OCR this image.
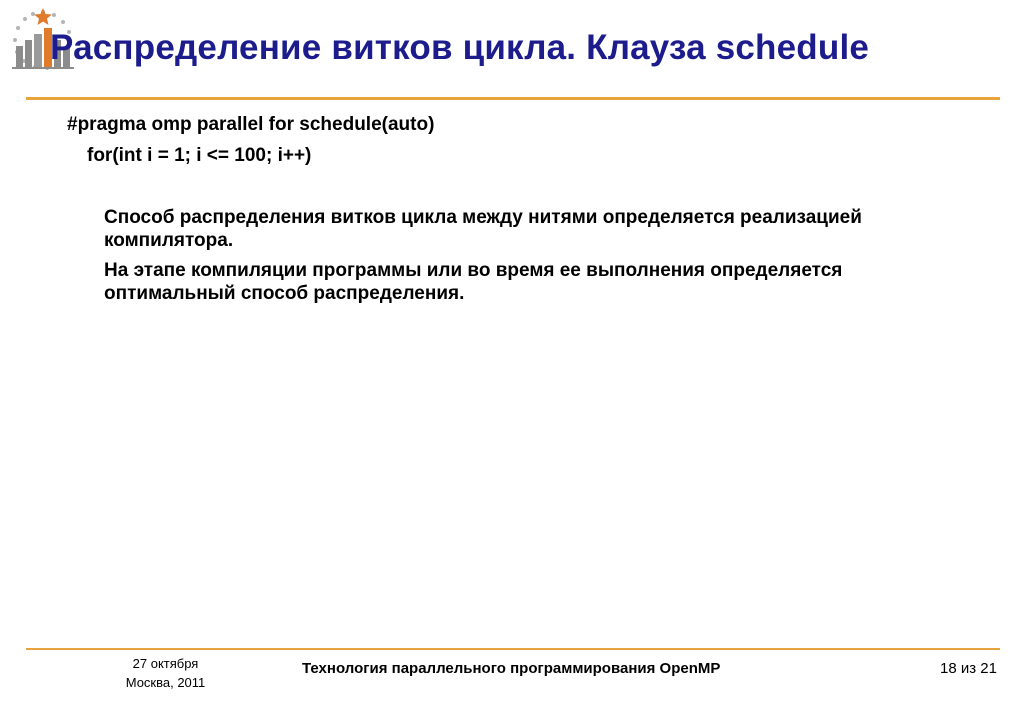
Распределение витков цикла. Клауза schedule
#pragma omp parallel for schedule(auto)
for(int i = 1; i <= 100; i++)
Способ распределения витков цикла между нитями определяется реализацией компилятора.
На этапе компиляции программы или во время ее выполнения определяется оптимальный способ распределения.
27 октября
Москва, 2011
Технология параллельного программирования OpenMP	18 из 21
